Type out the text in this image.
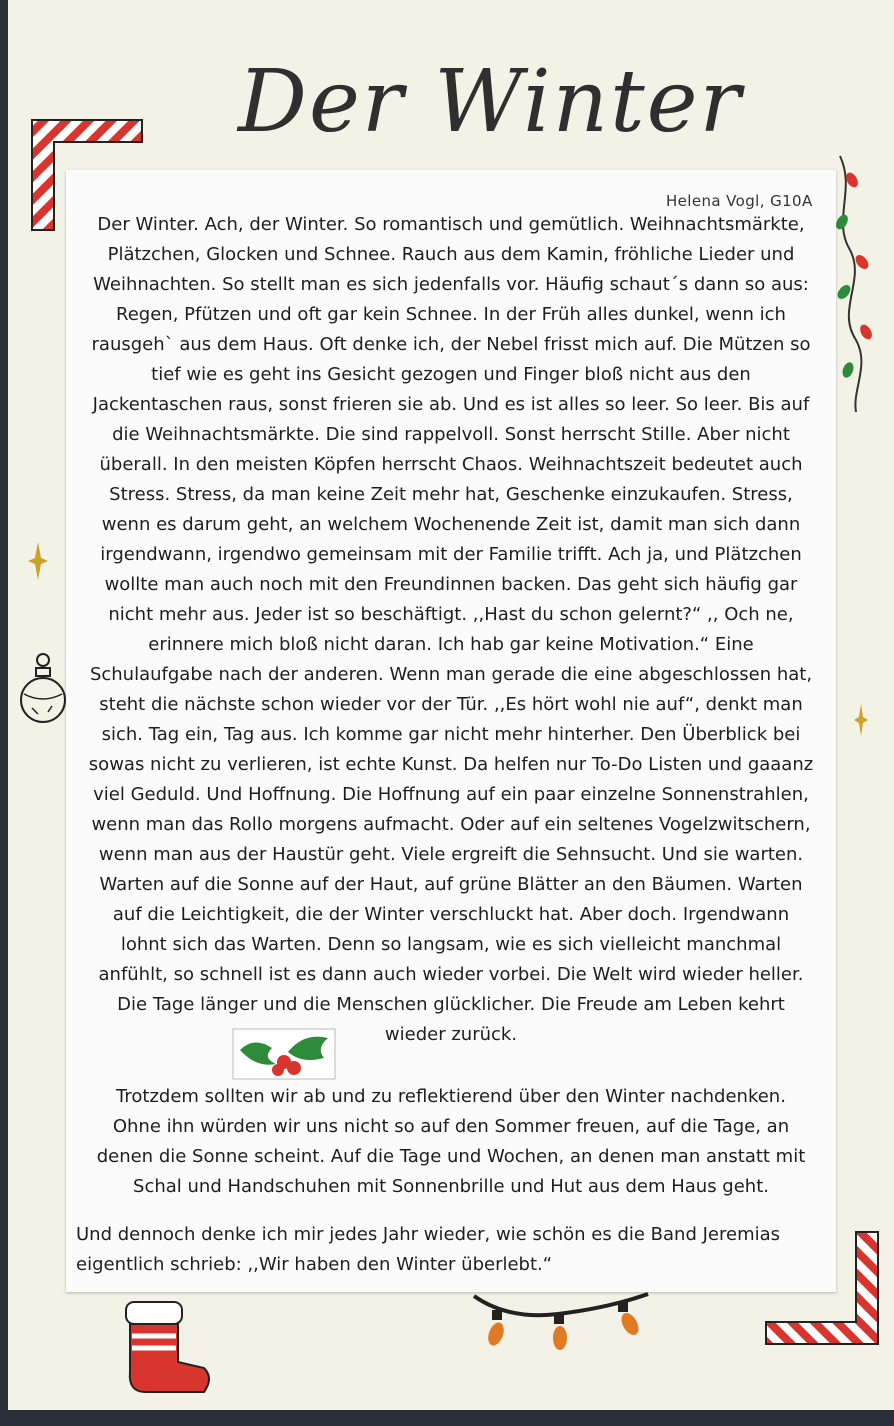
Der Winter
Helena Vogl, G10A
Der Winter. Ach, der Winter. So romantisch und gemütlich. Weihnachtsmärkte,
Plätzchen, Glocken und Schnee. Rauch aus dem Kamin, fröhliche Lieder und
Weihnachten. So stellt man es sich jedenfalls vor. Häufig schaut´s dann so aus:
Regen, Pfützen und oft gar kein Schnee. In der Früh alles dunkel, wenn ich
rausgeh` aus dem Haus. Oft denke ich, der Nebel frisst mich auf. Die Mützen so
tief wie es geht ins Gesicht gezogen und Finger bloß nicht aus den
Jackentaschen raus, sonst frieren sie ab. Und es ist alles so leer. So leer. Bis auf
die Weihnachtsmärkte. Die sind rappelvoll. Sonst herrscht Stille. Aber nicht
überall. In den meisten Köpfen herrscht Chaos. Weihnachtszeit bedeutet auch
Stress. Stress, da man keine Zeit mehr hat, Geschenke einzukaufen. Stress,
wenn es darum geht, an welchem Wochenende Zeit ist, damit man sich dann
irgendwann, irgendwo gemeinsam mit der Familie trifft. Ach ja, und Plätzchen
wollte man auch noch mit den Freundinnen backen. Das geht sich häufig gar
nicht mehr aus. Jeder ist so beschäftigt. ,,Hast du schon gelernt?“ ,, Och ne,
erinnere mich bloß nicht daran. Ich hab gar keine Motivation.“ Eine
Schulaufgabe nach der anderen. Wenn man gerade die eine abgeschlossen hat,
steht die nächste schon wieder vor der Tür. ,,Es hört wohl nie auf“, denkt man
sich. Tag ein, Tag aus. Ich komme gar nicht mehr hinterher. Den Überblick bei
sowas nicht zu verlieren, ist echte Kunst. Da helfen nur To-Do Listen und gaaanz
viel Geduld. Und Hoffnung. Die Hoffnung auf ein paar einzelne Sonnenstrahlen,
wenn man das Rollo morgens aufmacht. Oder auf ein seltenes Vogelzwitschern,
wenn man aus der Haustür geht. Viele ergreift die Sehnsucht. Und sie warten.
Warten auf die Sonne auf der Haut, auf grüne Blätter an den Bäumen. Warten
auf die Leichtigkeit, die der Winter verschluckt hat. Aber doch. Irgendwann
lohnt sich das Warten. Denn so langsam, wie es sich vielleicht manchmal
anfühlt, so schnell ist es dann auch wieder vorbei. Die Welt wird wieder heller.
Die Tage länger und die Menschen glücklicher. Die Freude am Leben kehrt
wieder zurück.
Trotzdem sollten wir ab und zu reflektierend über den Winter nachdenken.
Ohne ihn würden wir uns nicht so auf den Sommer freuen, auf die Tage, an
denen die Sonne scheint. Auf die Tage und Wochen, an denen man anstatt mit
Schal und Handschuhen mit Sonnenbrille und Hut aus dem Haus geht.
Und dennoch denke ich mir jedes Jahr wieder, wie schön es die Band Jeremias
eigentlich schrieb: ,,Wir haben den Winter überlebt.“
